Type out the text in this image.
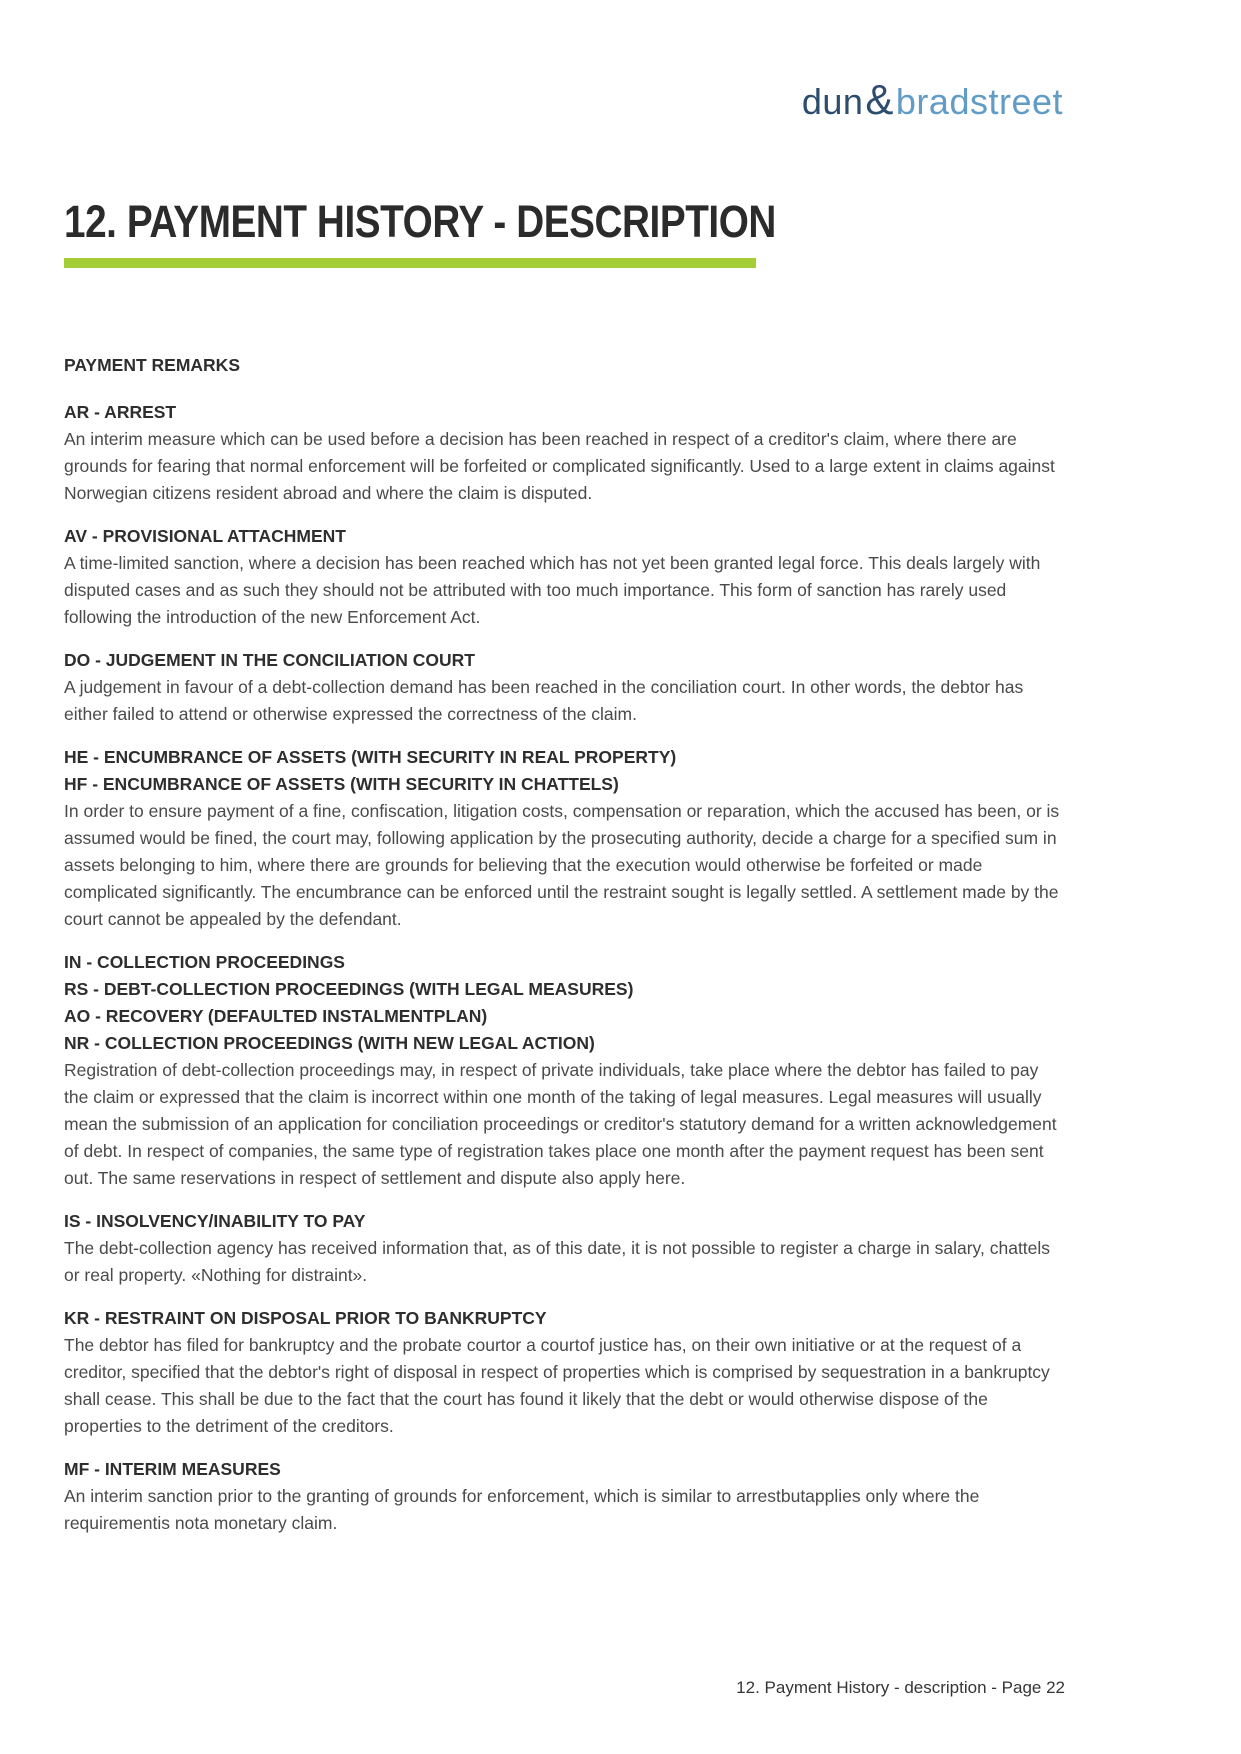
dun&bradstreet
12. PAYMENT HISTORY - DESCRIPTION

PAYMENT REMARKS

AR - ARREST

An interim measure which can be used before a decision has been reached in respect of a creditor's claim, where there are grounds for fearing that normal enforcement will be forfeited or complicated significantly. Used to a large extent in claims against Norwegian citizens resident abroad and where the claim is disputed.

AV - PROVISIONAL ATTACHMENT

A time-limited sanction, where a decision has been reached which has not yet been granted legal force. This deals largely with disputed cases and as such they should not be attributed with too much importance. This form of sanction has rarely used following the introduction of the new Enforcement Act.

DO - JUDGEMENT IN THE CONCILIATION COURT

A judgement in favour of a debt-collection demand has been reached in the conciliation court. In other words, the debtor has either failed to attend or otherwise expressed the correctness of the claim.

HE - ENCUMBRANCE OF ASSETS (WITH SECURITY IN REAL PROPERTY)

HF - ENCUMBRANCE OF ASSETS (WITH SECURITY IN CHATTELS)

In order to ensure payment of a fine, confiscation, litigation costs, compensation or reparation, which the accused has been, or is assumed would be fined, the court may, following application by the prosecuting authority, decide a charge for a specified sum in assets belonging to him, where there are grounds for believing that the execution would otherwise be forfeited or made complicated significantly. The encumbrance can be enforced until the restraint sought is legally settled. A settlement made by the court cannot be appealed by the defendant.

IN - COLLECTION PROCEEDINGS

RS - DEBT-COLLECTION PROCEEDINGS (WITH LEGAL MEASURES)

AO - RECOVERY (DEFAULTED INSTALMENTPLAN)

NR - COLLECTION PROCEEDINGS (WITH NEW LEGAL ACTION)

Registration of debt-collection proceedings may, in respect of private individuals, take place where the debtor has failed to pay the claim or expressed that the claim is incorrect within one month of the taking of legal measures. Legal measures will usually mean the submission of an application for conciliation proceedings or creditor's statutory demand for a written acknowledgement of debt. In respect of companies, the same type of registration takes place one month after the payment request has been sent out. The same reservations in respect of settlement and dispute also apply here.

IS - INSOLVENCY/INABILITY TO PAY

The debt-collection agency has received information that, as of this date, it is not possible to register a charge in salary, chattels or real property. «Nothing for distraint».

KR - RESTRAINT ON DISPOSAL PRIOR TO BANKRUPTCY

The debtor has filed for bankruptcy and the probate courtor a courtof justice has, on their own initiative or at the request of a creditor, specified that the debtor's right of disposal in respect of properties which is comprised by sequestration in a bankruptcy shall cease. This shall be due to the fact that the court has found it likely that the debt or would otherwise dispose of the properties to the detriment of the creditors.

MF - INTERIM MEASURES

An interim sanction prior to the granting of grounds for enforcement, which is similar to arrestbutapplies only where the requirementis nota monetary claim.

12. Payment History - description - Page 22
